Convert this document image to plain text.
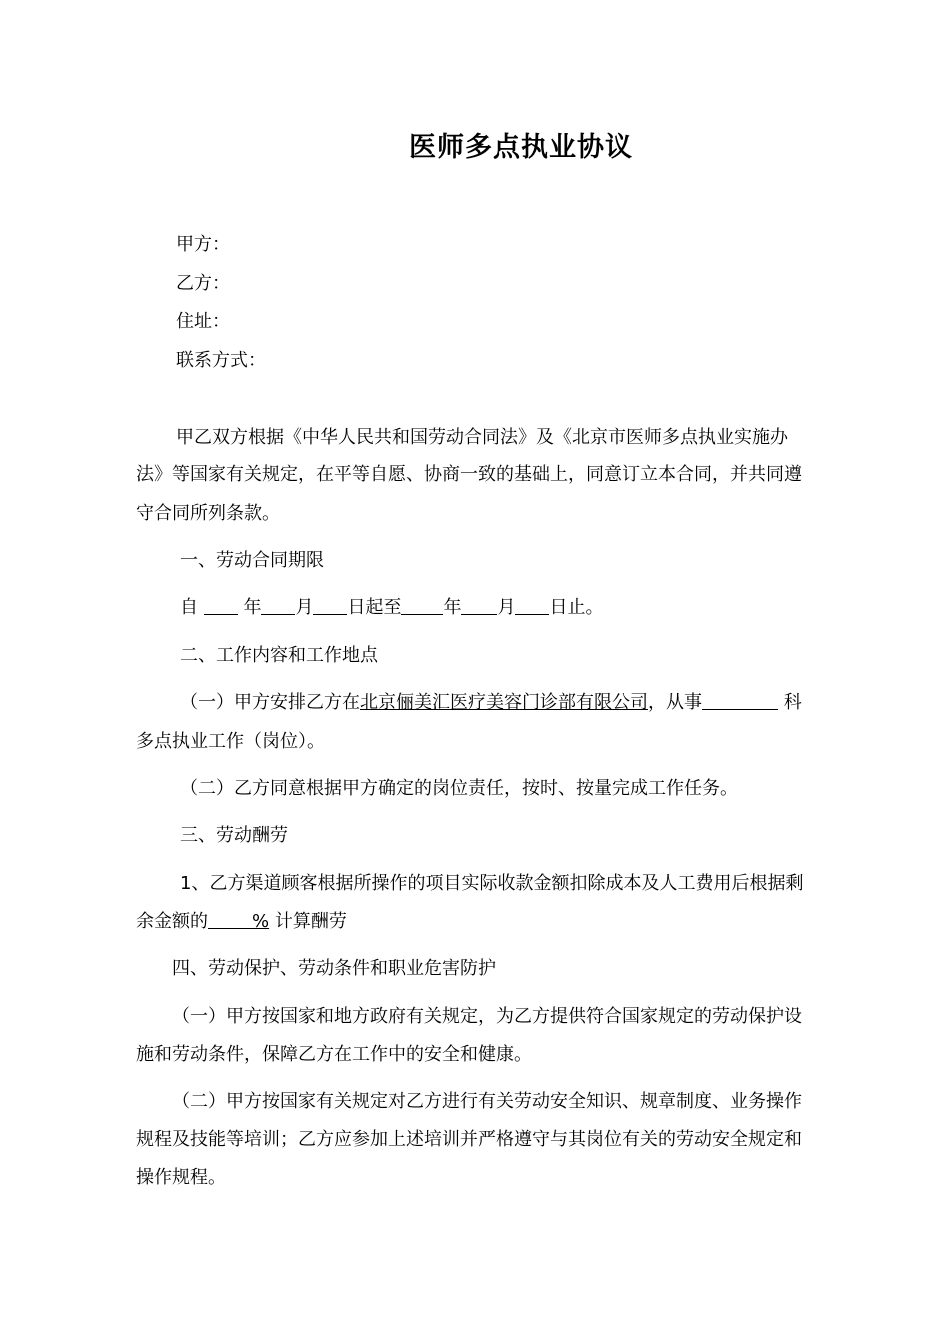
医师多点执业协议
甲方：
乙方：
住址：
联系方式：
甲乙双方根据《中华人民共和国劳动合同法》及《北京市医师多点执业实施办
法》等国家有关规定，在平等自愿、协商一致的基础上，同意订立本合同，并共同遵
守合同所列条款。
一、劳动合同期限
自	年 月 日起至 年 月 日止。
二、工作内容和工作地点
（一）甲方安排乙方在北京俪美汇医疗美容门诊部有限公司，从事	科
多点执业工作（岗位）。
（二）乙方同意根据甲方确定的岗位责任，按时、按量完成工作任务。
三、劳动酬劳
1、乙方渠道顾客根据所操作的项目实际收款金额扣除成本及人工费用后根据剩
余金额的 % 计算酬劳
四、劳动保护、劳动条件和职业危害防护
（一）甲方按国家和地方政府有关规定，为乙方提供符合国家规定的劳动保护设
施和劳动条件，保障乙方在工作中的安全和健康。
（二）甲方按国家有关规定对乙方进行有关劳动安全知识、规章制度、业务操作
规程及技能等培训；乙方应参加上述培训并严格遵守与其岗位有关的劳动安全规定和
操作规程。
